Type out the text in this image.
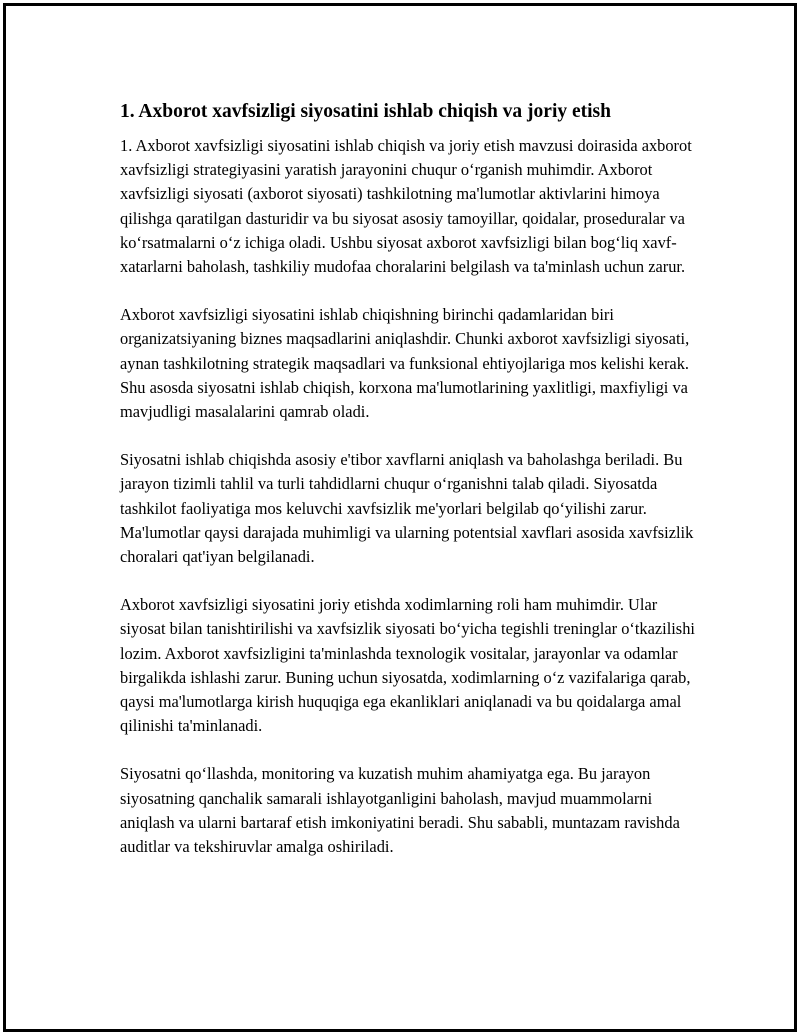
1. Axborot xavfsizligi siyosatini ishlab chiqish va joriy etish

1. Axborot xavfsizligi siyosatini ishlab chiqish va joriy etish mavzusi doirasida axborot xavfsizligi strategiyasini yaratish jarayonini chuqur o‘rganish muhimdir. Axborot xavfsizligi siyosati (axborot siyosati) tashkilotning ma'lumotlar aktivlarini himoya qilishga qaratilgan dasturidir va bu siyosat asosiy tamoyillar, qoidalar, proseduralar va ko‘rsatmalarni o‘z ichiga oladi. Ushbu siyosat axborot xavfsizligi bilan bog‘liq xavf-xatarlarni baholash, tashkiliy mudofaa choralarini belgilash va ta'minlash uchun zarur.

Axborot xavfsizligi siyosatini ishlab chiqishning birinchi qadamlaridan biri organizatsiyaning biznes maqsadlarini aniqlashdir. Chunki axborot xavfsizligi siyosati, aynan tashkilotning strategik maqsadlari va funksional ehtiyojlariga mos kelishi kerak. Shu asosda siyosatni ishlab chiqish, korxona ma'lumotlarining yaxlitligi, maxfiyligi va mavjudligi masalalarini qamrab oladi.

Siyosatni ishlab chiqishda asosiy e'tibor xavflarni aniqlash va baholashga beriladi. Bu jarayon tizimli tahlil va turli tahdidlarni chuqur o‘rganishni talab qiladi. Siyosatda tashkilot faoliyatiga mos keluvchi xavfsizlik me'yorlari belgilab qo‘yilishi zarur. Ma'lumotlar qaysi darajada muhimligi va ularning potentsial xavflari asosida xavfsizlik choralari qat'iyan belgilanadi.

Axborot xavfsizligi siyosatini joriy etishda xodimlarning roli ham muhimdir. Ular siyosat bilan tanishtirilishi va xavfsizlik siyosati bo‘yicha tegishli treninglar o‘tkazilishi lozim. Axborot xavfsizligini ta'minlashda texnologik vositalar, jarayonlar va odamlar birgalikda ishlashi zarur. Buning uchun siyosatda, xodimlarning o‘z vazifalariga qarab, qaysi ma'lumotlarga kirish huquqiga ega ekanliklari aniqlanadi va bu qoidalarga amal qilinishi ta'minlanadi.

Siyosatni qo‘llashda, monitoring va kuzatish muhim ahamiyatga ega. Bu jarayon siyosatning qanchalik samarali ishlayotganligini baholash, mavjud muammolarni aniqlash va ularni bartaraf etish imkoniyatini beradi. Shu sababli, muntazam ravishda auditlar va tekshiruvlar amalga oshiriladi.
